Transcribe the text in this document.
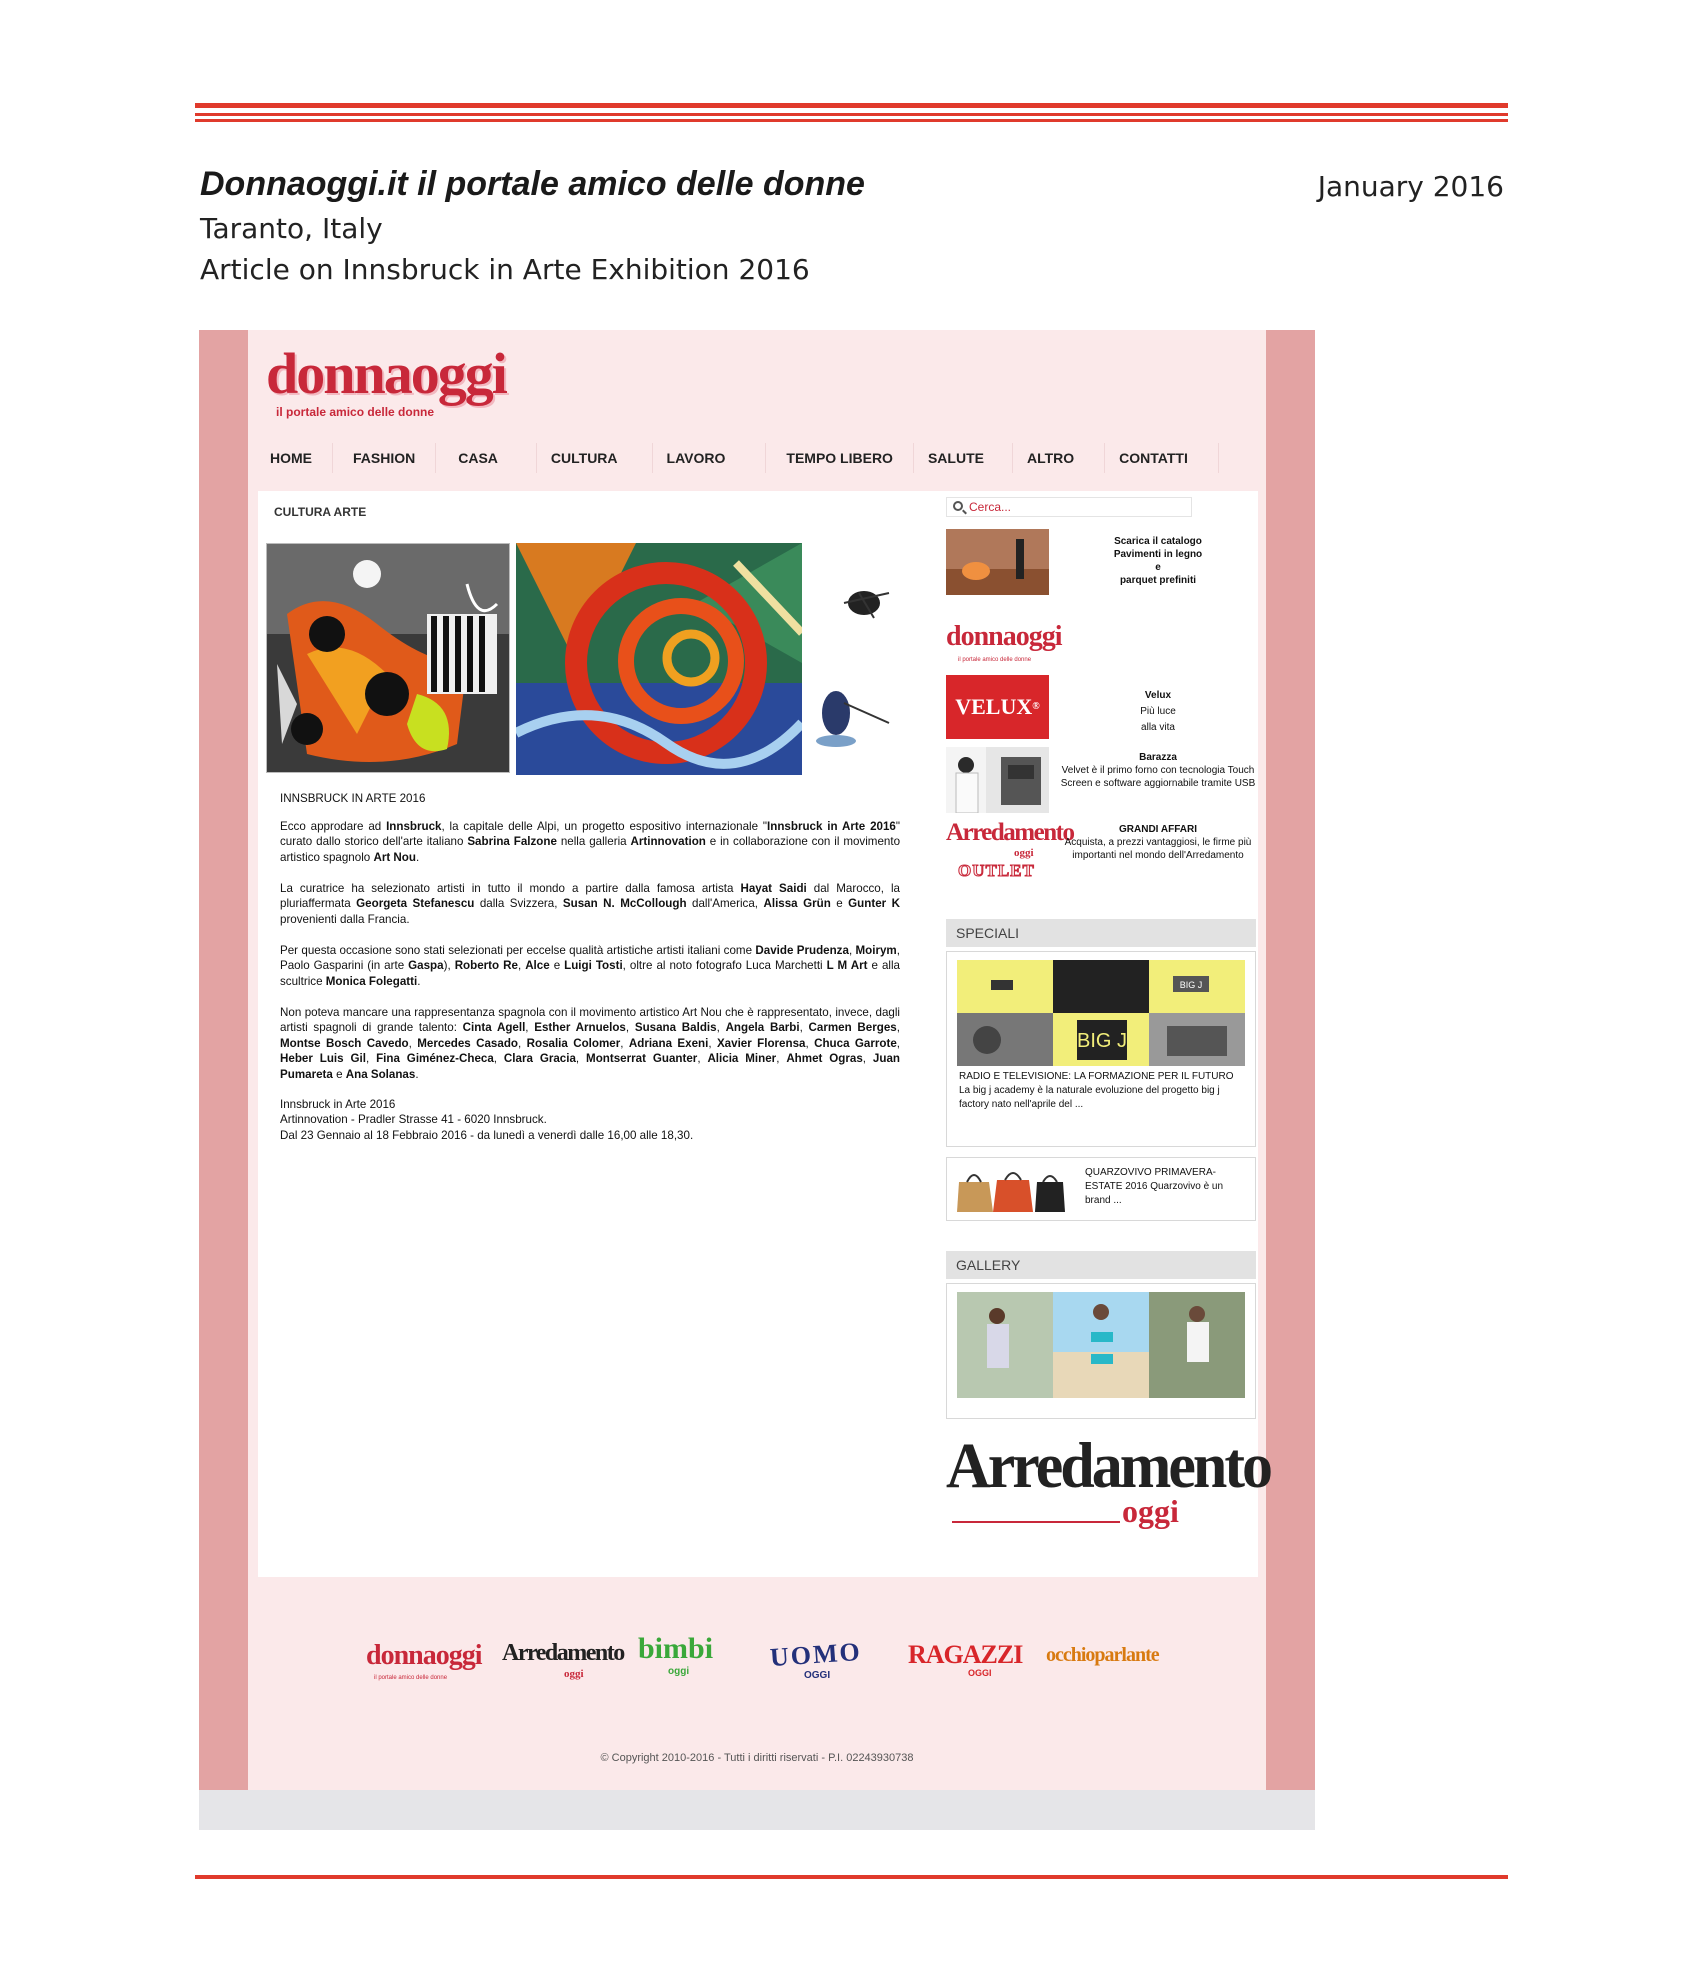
Donnaoggi.it il portale amico delle donne
Taranto, Italy
Article on Innsbruck in Arte Exhibition 2016
January 2016
donnaoggi
il portale amico delle donne
HOME	FASHION	CASA	CULTURA	LAVORO	TEMPO LIBERO	SALUTE	ALTRO	CONTATTI
CULTURA ARTE
INNSBRUCK IN ARTE 2016
Ecco approdare ad Innsbruck, la capitale delle Alpi, un progetto espositivo internazionale "Innsbruck in Arte 2016" curato dallo storico dell'arte italiano Sabrina Falzone nella galleria Artinnovation e in collaborazione con il movimento artistico spagnolo Art Nou.
La curatrice ha selezionato artisti in tutto il mondo a partire dalla famosa artista Hayat Saidi dal Marocco, la pluriaffermata Georgeta Stefanescu dalla Svizzera, Susan N. McCollough dall'America, Alissa Grün e Gunter K provenienti dalla Francia.
Per questa occasione sono stati selezionati per eccelse qualità artistiche artisti italiani come Davide Prudenza, Moirym, Paolo Gasparini (in arte Gaspa), Roberto Re, Alce e Luigi Tosti, oltre al noto fotografo Luca Marchetti L M Art e alla scultrice Monica Folegatti.
Non poteva mancare una rappresentanza spagnola con il movimento artistico Art Nou che è rappresentato, invece, dagli artisti spagnoli di grande talento: Cinta Agell, Esther Arnuelos, Susana Baldis, Angela Barbi, Carmen Berges, Montse Bosch Cavedo, Mercedes Casado, Rosalia Colomer, Adriana Exeni, Xavier Florensa, Chuca Garrote, Heber Luis Gil, Fina Giménez-Checa, Clara Gracia, Montserrat Guanter, Alicia Miner, Ahmet Ogras, Juan Pumareta e Ana Solanas.
Innsbruck in Arte 2016
Artinnovation - Pradler Strasse 41 - 6020 Innsbruck.
Dal 23 Gennaio al 18 Febbraio 2016 - da lunedì a venerdì dalle 16,00 alle 18,30.
Cerca...
Scarica il catalogo
Pavimenti in legno
e
parquet prefiniti
donnaoggi
il portale amico delle donne
VELUX®
Velux
Più luce
alla vita
Barazza
Velvet è il primo forno con tecnologia Touch Screen e software aggiornabile tramite USB
Arredamento
oggi
OUTLET
GRANDI AFFARI
Acquista, a prezzi vantaggiosi, le firme più importanti nel mondo dell'Arredamento
SPECIALI
BIG J
BIG J
RADIO E TELEVISIONE: LA FORMAZIONE PER IL FUTURO La big j academy è la naturale evoluzione del progetto big j factory nato nell'aprile del ...
QUARZOVIVO PRIMAVERA-ESTATE 2016 Quarzovivo è un brand ...
GALLERY
Arredamento
oggi
donnaoggi
il portale amico delle donne
Arredamento
oggi
bimbi
oggi	UOMO
OGGI
RAGAZZI
OGGI
occhioparlante
© Copyright 2010-2016 - Tutti i diritti riservati - P.I. 02243930738
